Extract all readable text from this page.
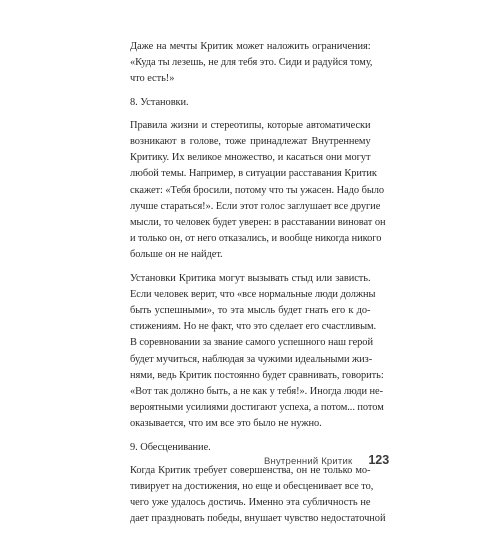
Даже на мечты Критик может наложить ограничения:
«Куда ты лезешь, не для тебя это. Сиди и радуйся тому,
что есть!»
8. Установки.
Правила жизни и стереотипы, которые автоматически
возникают в голове, тоже принадлежат Внутреннему
Критику. Их великое множество, и касаться они могут
любой темы. Например, в ситуации расставания Критик
скажет: «Тебя бросили, потому что ты ужасен. Надо было
лучше стараться!». Если этот голос заглушает все другие
мысли, то человек будет уверен: в расставании виноват он
и только он, от него отказались, и вообще никогда никого
больше он не найдет.
Установки Критика могут вызывать стыд или зависть.
Если человек верит, что «все нормальные люди должны
быть успешными», то эта мысль будет гнать его к до-
стижениям. Но не факт, что это сделает его счастливым.
В соревновании за звание самого успешного наш герой
будет мучиться, наблюдая за чужими идеальными жиз-
нями, ведь Критик постоянно будет сравнивать, говорить:
«Вот так должно быть, а не как у тебя!». Иногда люди не-
вероятными усилиями достигают успеха, а потом... потом
оказывается, что им все это было не нужно.
9. Обесценивание.
Когда Критик требует совершенства, он не только мо-
тивирует на достижения, но еще и обесценивает все то,
чего уже удалось достичь. Именно эта субличность не
дает праздновать победы, внушает чувство недостаточной
Внутренний Критик 123
